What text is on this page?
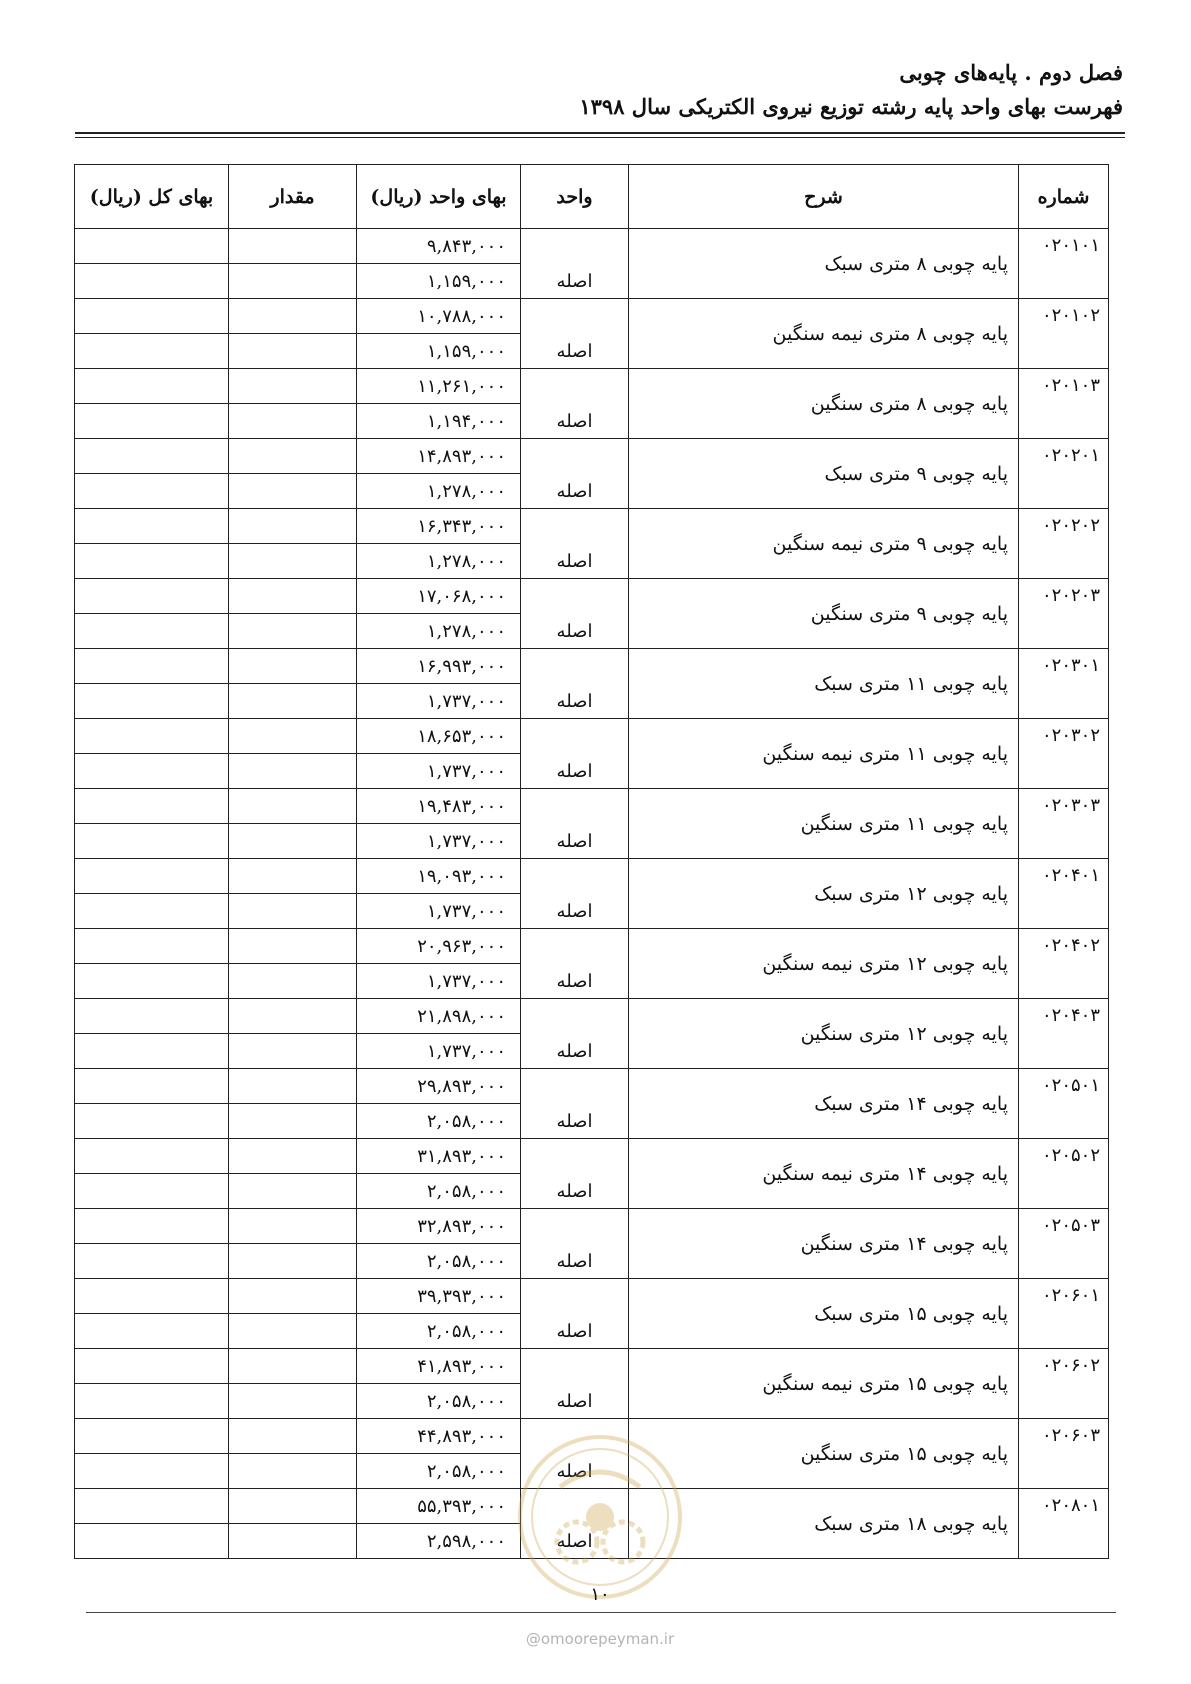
فصل دوم . پایه‌های چوبی
فهرست بهای واحد پایه رشته توزیع نیروی الکتریکی سال ۱۳۹۸
بهای کل (ریال)	مقدار	بهای واحد (ریال)	واحد	شرح	شماره
		۹,۸۴۳,۰۰۰	اصله	پایه چوبی ۸ متری سبک	۰۲۰۱۰۱
		۱,۱۵۹,۰۰۰			
		۱۰,۷۸۸,۰۰۰	اصله	پایه چوبی ۸ متری نیمه سنگین	۰۲۰۱۰۲
		۱,۱۵۹,۰۰۰			
		۱۱,۲۶۱,۰۰۰	اصله	پایه چوبی ۸ متری سنگین	۰۲۰۱۰۳
		۱,۱۹۴,۰۰۰			
		۱۴,۸۹۳,۰۰۰	اصله	پایه چوبی ۹ متری سبک	۰۲۰۲۰۱
		۱,۲۷۸,۰۰۰			
		۱۶,۳۴۳,۰۰۰	اصله	پایه چوبی ۹ متری نیمه سنگین	۰۲۰۲۰۲
		۱,۲۷۸,۰۰۰			
		۱۷,۰۶۸,۰۰۰	اصله	پایه چوبی ۹ متری سنگین	۰۲۰۲۰۳
		۱,۲۷۸,۰۰۰			
		۱۶,۹۹۳,۰۰۰	اصله	پایه چوبی ۱۱ متری سبک	۰۲۰۳۰۱
		۱,۷۳۷,۰۰۰			
		۱۸,۶۵۳,۰۰۰	اصله	پایه چوبی ۱۱ متری نیمه سنگین	۰۲۰۳۰۲
		۱,۷۳۷,۰۰۰			
		۱۹,۴۸۳,۰۰۰	اصله	پایه چوبی ۱۱ متری سنگین	۰۲۰۳۰۳
		۱,۷۳۷,۰۰۰			
		۱۹,۰۹۳,۰۰۰	اصله	پایه چوبی ۱۲ متری سبک	۰۲۰۴۰۱
		۱,۷۳۷,۰۰۰			
		۲۰,۹۶۳,۰۰۰	اصله	پایه چوبی ۱۲ متری نیمه سنگین	۰۲۰۴۰۲
		۱,۷۳۷,۰۰۰			
		۲۱,۸۹۸,۰۰۰	اصله	پایه چوبی ۱۲ متری سنگین	۰۲۰۴۰۳
		۱,۷۳۷,۰۰۰			
		۲۹,۸۹۳,۰۰۰	اصله	پایه چوبی ۱۴ متری سبک	۰۲۰۵۰۱
		۲,۰۵۸,۰۰۰			
		۳۱,۸۹۳,۰۰۰	اصله	پایه چوبی ۱۴ متری نیمه سنگین	۰۲۰۵۰۲
		۲,۰۵۸,۰۰۰			
		۳۲,۸۹۳,۰۰۰	اصله	پایه چوبی ۱۴ متری سنگین	۰۲۰۵۰۳
		۲,۰۵۸,۰۰۰			
		۳۹,۳۹۳,۰۰۰	اصله	پایه چوبی ۱۵ متری سبک	۰۲۰۶۰۱
		۲,۰۵۸,۰۰۰			
		۴۱,۸۹۳,۰۰۰	اصله	پایه چوبی ۱۵ متری نیمه سنگین	۰۲۰۶۰۲
		۲,۰۵۸,۰۰۰			
		۴۴,۸۹۳,۰۰۰	اصله	پایه چوبی ۱۵ متری سنگین	۰۲۰۶۰۳
		۲,۰۵۸,۰۰۰			
		۵۵,۳۹۳,۰۰۰	اصله	پایه چوبی ۱۸ متری سبک	۰۲۰۸۰۱
		۲,۵۹۸,۰۰۰			
۱۰
@omoorepeyman.ir
